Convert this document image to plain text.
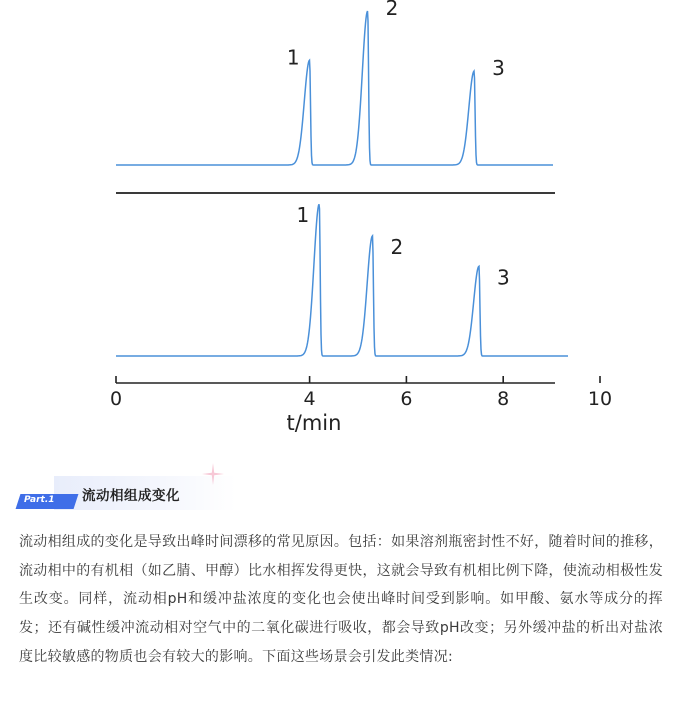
1
2
3
1
2
3
0	4	6	8	10
t/min
Part.1 流动相组成变化

流动相组成的变化是导致出峰时间漂移的常见原因。包括：如果溶剂瓶密封性不好，随着时间的推移，流动相中的有机相（如乙腈、甲醇）比水相挥发得更快，这就会导致有机相比例下降，使流动相极性发生改变。同样，流动相pH和缓冲盐浓度的变化也会使出峰时间受到影响。如甲酸、氨水等成分的挥发；还有碱性缓冲流动相对空气中的二氧化碳进行吸收，都会导致pH改变；另外缓冲盐的析出对盐浓度比较敏感的物质也会有较大的影响。下面这些场景会引发此类情况:
